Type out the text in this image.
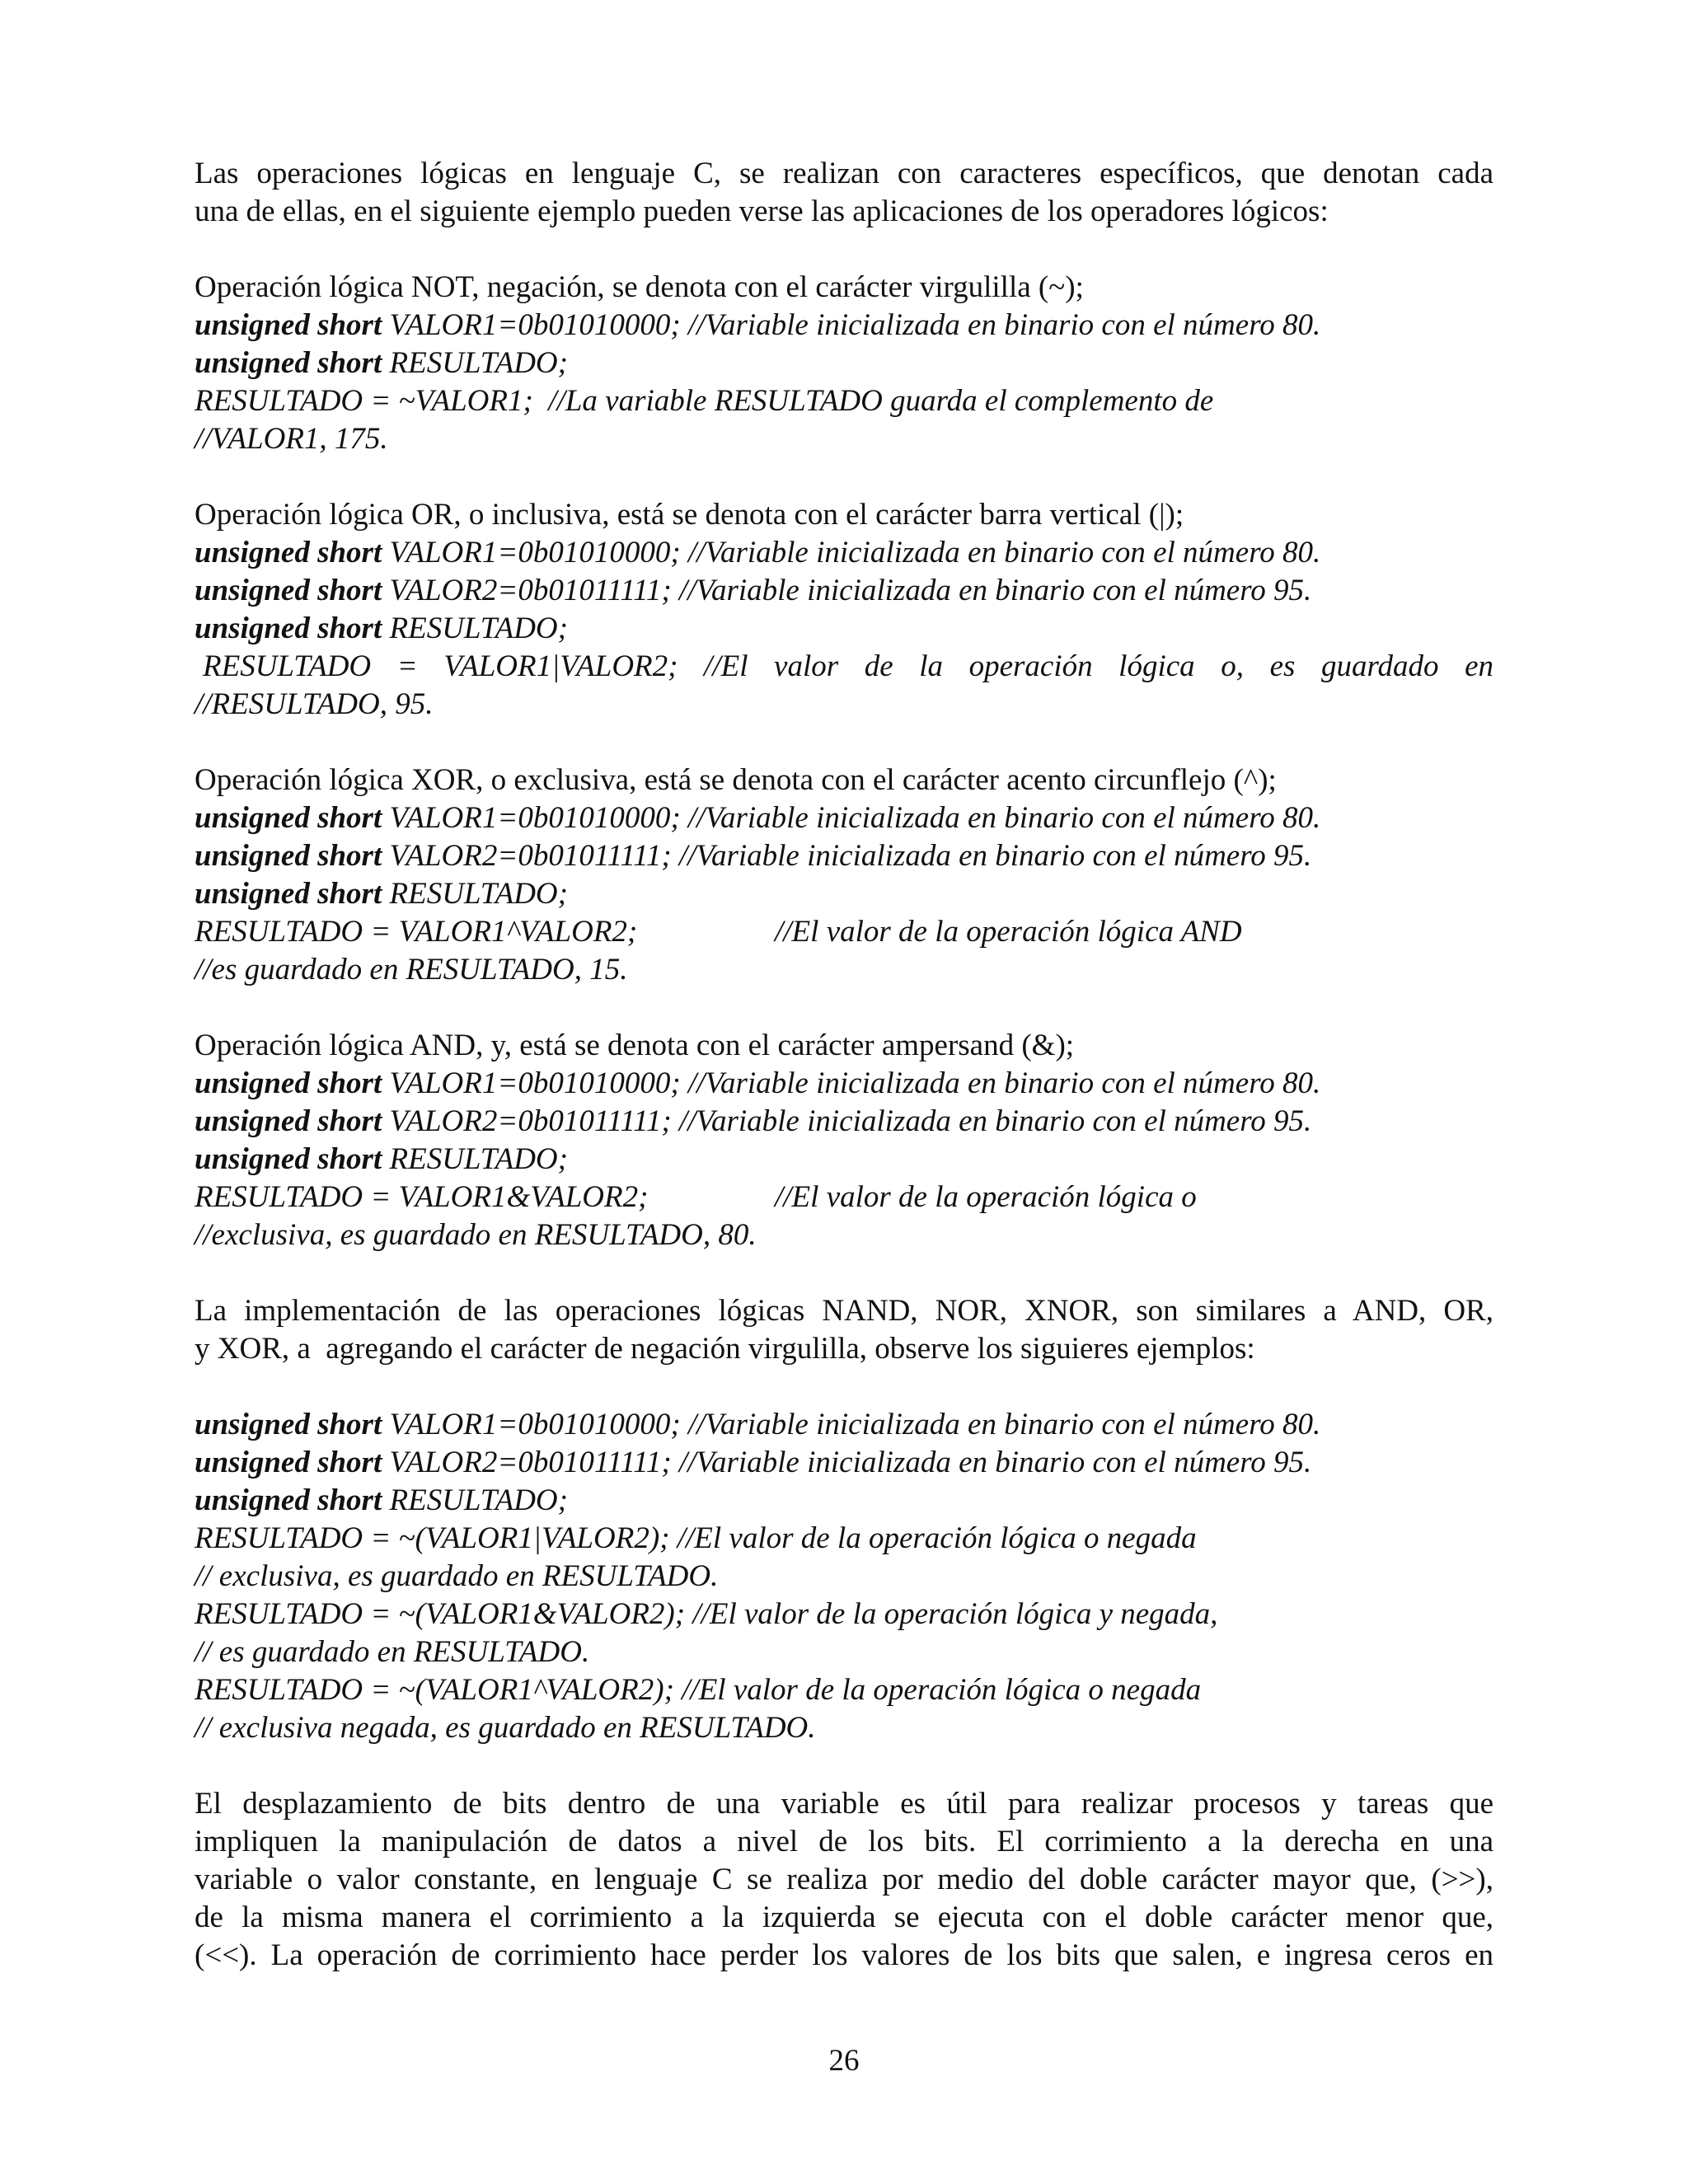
Las operaciones lógicas en lenguaje C, se realizan con caracteres específicos, que denotan cada
una de ellas, en el siguiente ejemplo pueden verse las aplicaciones de los operadores lógicos:
Operación lógica NOT, negación, se denota con el carácter virgulilla (~);
unsigned short VALOR1=0b01010000; //Variable inicializada en binario con el número 80.
unsigned short RESULTADO;
RESULTADO = ~VALOR1;  //La variable RESULTADO guarda el complemento de
//VALOR1, 175.
Operación lógica OR, o inclusiva, está se denota con el carácter barra vertical (|);
unsigned short VALOR1=0b01010000; //Variable inicializada en binario con el número 80.
unsigned short VALOR2=0b01011111; //Variable inicializada en binario con el número 95.
unsigned short RESULTADO;
RESULTADO = VALOR1|VALOR2; //El valor de la operación lógica o, es guardado en
//RESULTADO, 95.
Operación lógica XOR, o exclusiva, está se denota con el carácter acento circunflejo (^);
unsigned short VALOR1=0b01010000; //Variable inicializada en binario con el número 80.
unsigned short VALOR2=0b01011111; //Variable inicializada en binario con el número 95.
unsigned short RESULTADO;
RESULTADO = VALOR1^VALOR2;	//El valor de la operación lógica AND
//es guardado en RESULTADO, 15.
Operación lógica AND, y, está se denota con el carácter ampersand (&);
unsigned short VALOR1=0b01010000; //Variable inicializada en binario con el número 80.
unsigned short VALOR2=0b01011111; //Variable inicializada en binario con el número 95.
unsigned short RESULTADO;
RESULTADO = VALOR1&VALOR2;	//El valor de la operación lógica o
//exclusiva, es guardado en RESULTADO, 80.
La implementación de las operaciones lógicas NAND, NOR, XNOR, son similares a AND, OR,
y XOR, a  agregando el carácter de negación virgulilla, observe los siguieres ejemplos:
unsigned short VALOR1=0b01010000; //Variable inicializada en binario con el número 80.
unsigned short VALOR2=0b01011111; //Variable inicializada en binario con el número 95.
unsigned short RESULTADO;
RESULTADO = ~(VALOR1|VALOR2); //El valor de la operación lógica o negada
// exclusiva, es guardado en RESULTADO.
RESULTADO = ~(VALOR1&VALOR2); //El valor de la operación lógica y negada,
// es guardado en RESULTADO.
RESULTADO = ~(VALOR1^VALOR2); //El valor de la operación lógica o negada
// exclusiva negada, es guardado en RESULTADO.
El desplazamiento de bits dentro de una variable es útil para realizar procesos y tareas que
impliquen la manipulación de datos a nivel de los bits. El corrimiento a la derecha en una
variable o valor constante, en lenguaje C se realiza por medio del doble carácter mayor que, (>>),
de la misma manera el corrimiento a la izquierda se ejecuta con el doble carácter menor que,
(<<). La operación de corrimiento hace perder los valores de los bits que salen, e ingresa ceros en
26
